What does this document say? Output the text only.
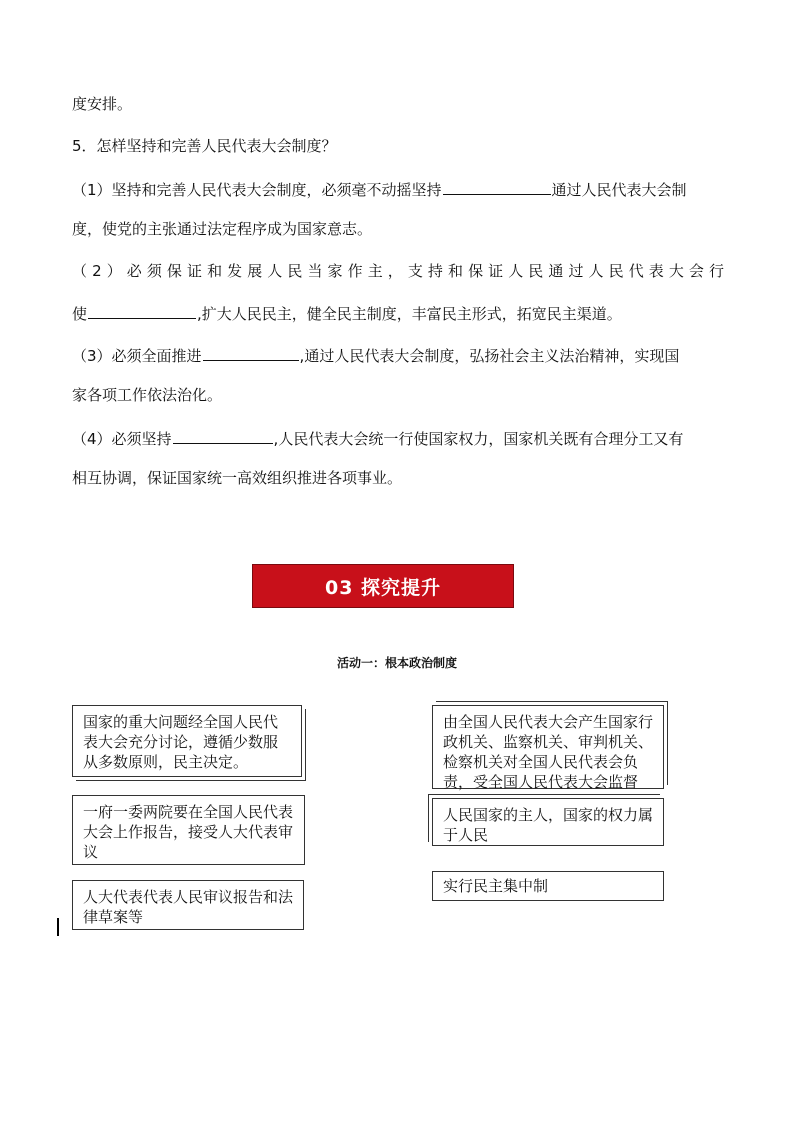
度安排。
5．怎样坚持和完善人民代表大会制度？
（1）坚持和完善人民代表大会制度，必须毫不动摇坚持	通过人民代表大会制
度，使党的主张通过法定程序成为国家意志。
（2）必须保证和发展人民当家作主，支持和保证人民通过人民代表大会行
使	,扩大人民民主，健全民主制度，丰富民主形式，拓宽民主渠道。
（3）必须全面推进	,通过人民代表大会制度，弘扬社会主义法治精神，实现国
家各项工作依法治化。
（4）必须坚持	,人民代表大会统一行使国家权力，国家机关既有合理分工又有
相互协调，保证国家统一高效组织推进各项事业。
03 探究提升
活动一：根本政治制度
国家的重大问题经全国人民代表大会充分讨论，遵循少数服从多数原则，民主决定。
一府一委两院要在全国人民代表大会上作报告，接受人大代表审议
人大代表代表人民审议报告和法律草案等
由全国人民代表大会产生国家行政机关、监察机关、审判机关、检察机关对全国人民代表会负责，受全国人民代表大会监督
人民国家的主人，国家的权力属于人民
实行民主集中制
